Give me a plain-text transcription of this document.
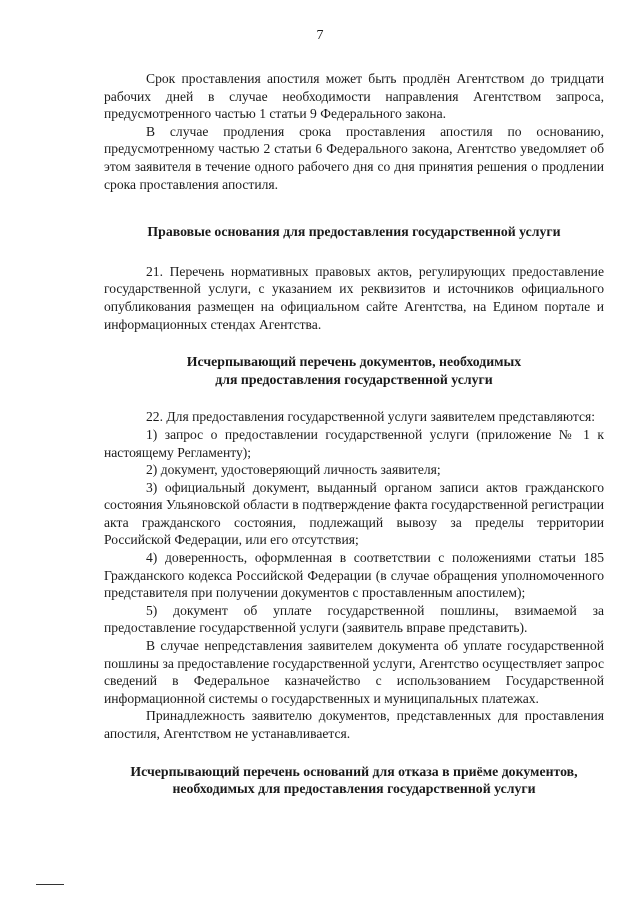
7

Срок проставления апостиля может быть продлён Агентством до тридцати рабочих дней в случае необходимости направления Агентством запроса, предусмотренного частью 1 статьи 9 Федерального закона.

В случае продления срока проставления апостиля по основанию, предусмотренному частью 2 статьи 6 Федерального закона, Агентство уведомляет об этом заявителя в течение одного рабочего дня со дня принятия решения о продлении срока проставления апостиля.

Правовые основания для предоставления государственной услуги

21. Перечень нормативных правовых актов, регулирующих предоставление государственной услуги, с указанием их реквизитов и источников официального опубликования размещен на официальном сайте Агентства, на Едином портале и информационных стендах Агентства.

Исчерпывающий перечень документов, необходимых
для предоставления государственной услуги

22. Для предоставления государственной услуги заявителем представляются:

1) запрос о предоставлении государственной услуги (приложение № 1 к настоящему Регламенту);

2) документ, удостоверяющий личность заявителя;

3) официальный документ, выданный органом записи актов гражданского состояния Ульяновской области в подтверждение факта государственной регистрации акта гражданского состояния, подлежащий вывозу за пределы территории Российской Федерации, или его отсутствия;

4) доверенность, оформленная в соответствии с положениями статьи 185 Гражданского кодекса Российской Федерации (в случае обращения уполномоченного представителя при получении документов с проставленным апостилем);

5) документ об уплате государственной пошлины, взимаемой за предоставление государственной услуги (заявитель вправе представить).

В случае непредставления заявителем документа об уплате государственной пошлины за предоставление государственной услуги, Агентство осуществляет запрос сведений в Федеральное казначейство с использованием Государственной информационной системы о государственных и муниципальных платежах.

Принадлежность заявителю документов, представленных для проставления апостиля, Агентством не устанавливается.

Исчерпывающий перечень оснований для отказа в приёме документов,
необходимых для предоставления государственной услуги
